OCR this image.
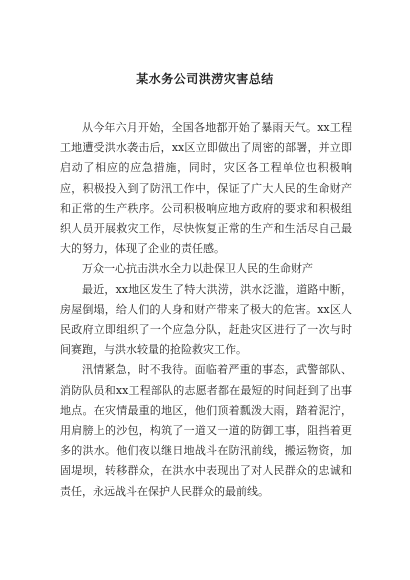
某水务公司洪涝灾害总结

从今年六月开始，全国各地都开始了暴雨天气。xx工程工地遭受洪水袭击后，xx区立即做出了周密的部署，并立即启动了相应的应急措施，同时，灾区各工程单位也积极响应，积极投入到了防汛工作中，保证了广大人民的生命财产和正常的生产秩序。公司积极响应地方政府的要求和积极组织人员开展救灾工作，尽快恢复正常的生产和生活尽自己最大的努力，体现了企业的责任感。

万众一心抗击洪水全力以赴保卫人民的生命财产

最近，xx地区发生了特大洪涝，洪水泛滥，道路中断，房屋倒塌，给人们的人身和财产带来了极大的危害。xx区人民政府立即组织了一个应急分队，赶赴灾区进行了一次与时间赛跑，与洪水较量的抢险救灾工作。

汛情紧急，时不我待。面临着严重的事态，武警部队、消防队员和xx工程部队的志愿者都在最短的时间赶到了出事地点。在灾情最重的地区，他们顶着瓢泼大雨，踏着泥泞，用肩膀上的沙包，构筑了一道又一道的防御工事，阻挡着更多的洪水。他们夜以继日地战斗在防汛前线，搬运物资，加固堤坝，转移群众，在洪水中表现出了对人民群众的忠诚和责任，永远战斗在保护人民群众的最前线。
